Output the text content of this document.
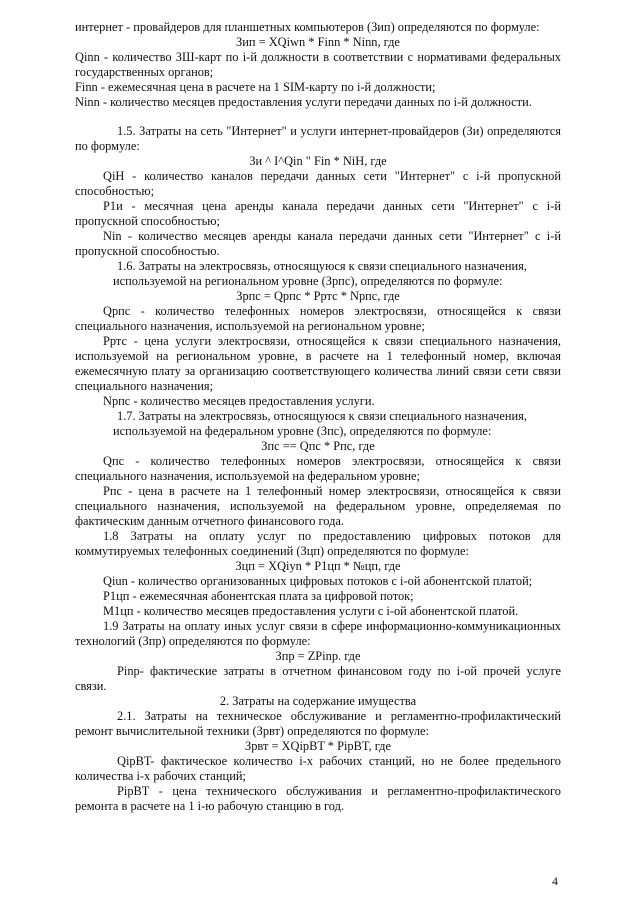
интернет - провайдеров для планшетных компьютеров (Зип) определяются по формуле:

Зип = XQiwn * Finn * Ninn, где

Qinn - количество ЗШ-карт по i-й должности в соответствии с нормативами федеральных государственных органов;

Finn - ежемесячная цена в расчете на 1 SIM-карту по i-й должности;

Ninn - количество месяцев предоставления услуги передачи данных по i-й должности.

1.5. Затраты на сеть "Интернет" и услуги интернет-провайдеров (Зи) определяются по формуле:

Зи ^ I^Qin " Fin * NiH, где

QiH - количество каналов передачи данных сети "Интернет" с i-й пропускной способностью;

Р1и - месячная цена аренды канала передачи данных сети "Интернет" с i-й пропускной способностью;

Nin - количество месяцев аренды канала передачи данных сети "Интернет" с i-й пропускной способностью.

1.6. Затраты на электросвязь, относящуюся к связи специального назначения,

используемой на региональном уровне (Зрпс), определяются по формуле:

Зрпс = Qрпс * Рртс * Nрпс, где

Qрпс - количество телефонных номеров электросвязи, относящейся к связи специального назначения, используемой на региональном уровне;

Рртс - цена услуги электросвязи, относящейся к связи специального назначения, используемой на региональном уровне, в расчете на 1 телефонный номер, включая ежемесячную плату за организацию соответствующего количества линий связи сети связи специального назначения;

Nрпс - количество месяцев предоставления услуги.

1.7. Затраты на электросвязь, относящуюся к связи специального назначения,

используемой на федеральном уровне (Зпс), определяются по формуле:

Зпс == Qпс * Рпс, где

Qпс - количество телефонных номеров электросвязи, относящейся к связи специального назначения, используемой на федеральном уровне;

Рпс - цена в расчете на 1 телефонный номер электросвязи, относящейся к связи специального назначения, используемой на федеральном уровне, определяемая по фактическим данным отчетного финансового года.

1.8 Затраты на оплату услуг по предоставлению цифровых потоков для коммутируемых телефонных соединений (Зцп) определяются по формуле:

Зцп = XQiyn * Р1цп * №цп, где

Qiun - количество организованных цифровых потоков с i-ой абонентской платой;

Р1цп - ежемесячная абонентская плата за цифровой поток;

М1цп - количество месяцев предоставления услуги с i-ой абонентской платой.

1.9 Затраты на оплату иных услуг связи в сфере информационно-коммуникационных технологий (Зпр) определяются по формуле:

Зпр = ZPinp. где

Pinp- фактические затраты в отчетном финансовом году по i-ой прочей услуге связи.

2. Затраты на содержание имущества

2.1. Затраты на техническое обслуживание и регламентно-профилактический ремонт вычислительной техники (Зрвт) определяются по формуле:

Зрвт = XQipBT * PipBT, где

QipBT- фактическое количество i-х рабочих станций, но не более предельного количества i-х рабочих станций;

PipBT - цена технического обслуживания и регламентно-профилактического ремонта в расчете на 1 i-ю рабочую станцию в год.

4
